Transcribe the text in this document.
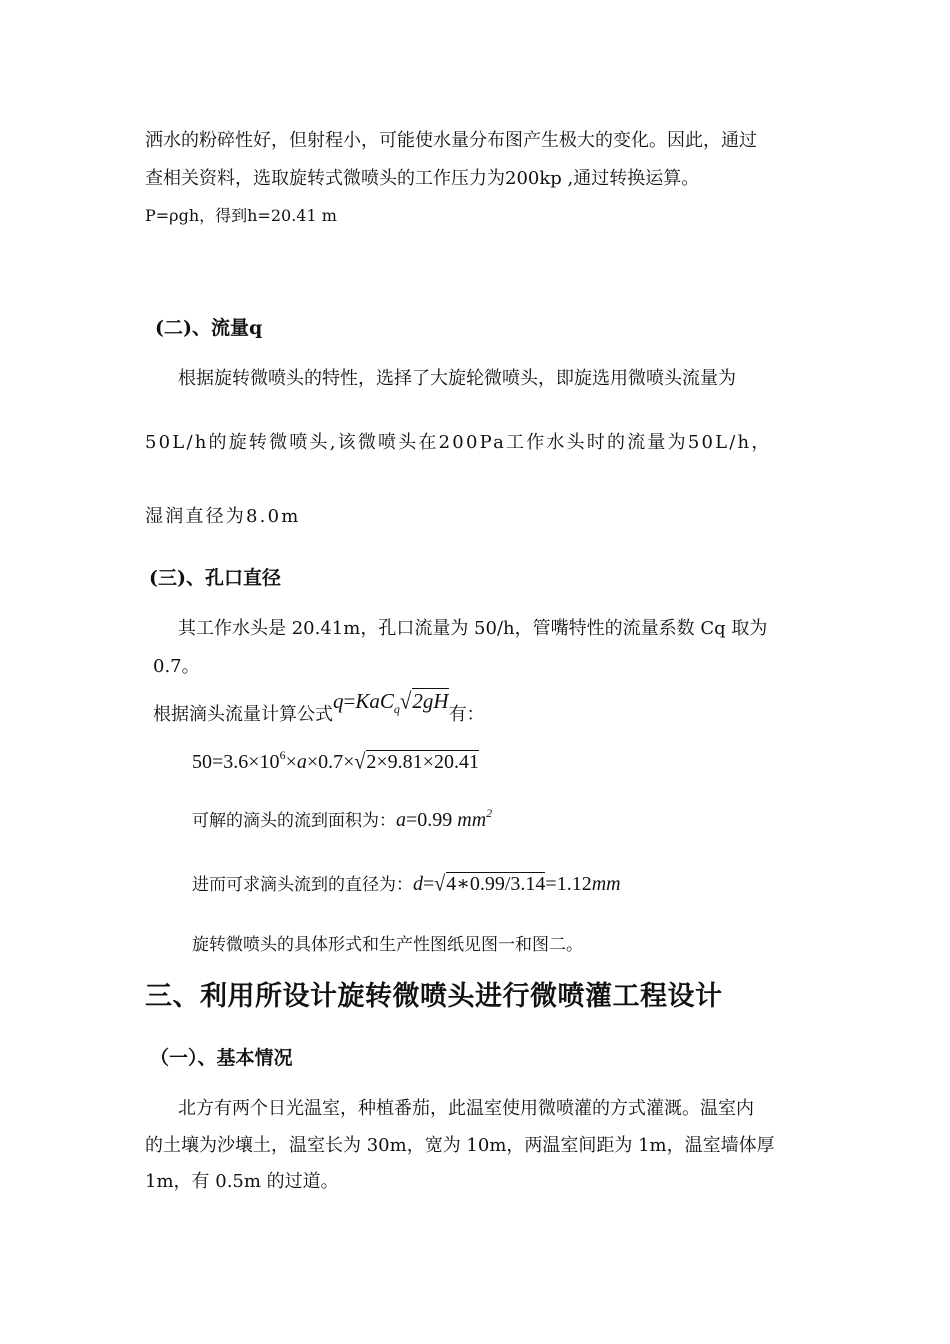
洒水的粉碎性好，但射程小，可能使水量分布图产生极大的变化。因此，通过
查相关资料，选取旋转式微喷头的工作压力为200kp ,通过转换运算。
P=ρgh，得到h=20.41 m
(二)、流量q
根据旋转微喷头的特性，选择了大旋轮微喷头，即旋选用微喷头流量为
50L/h的旋转微喷头,该微喷头在200Pa工作水头时的流量为50L/h，
湿润直径为8.0m
(三)、孔口直径
其工作水头是 20.41m，孔口流量为 50/h，管嘴特性的流量系数 Cq 取为
0.7。
根据滴头流量计算公式q=KaC$_q$√2gH有：
$50=3.6\times 10^6\times a\times 0.7\times√2\times 9.81\times 20.41$
可解的滴头的流到面积为：a=0.99 $mm^2$
进而可求滴头流到的直径为：d=√4∗0.99/3.14=1.12mm
旋转微喷头的具体形式和生产性图纸见图一和图二。
三、利用所设计旋转微喷头进行微喷灌工程设计
（一）、基本情况
北方有两个日光温室，种植番茄，此温室使用微喷灌的方式灌溉。温室内
的土壤为沙壤土，温室长为 30m，宽为 10m，两温室间距为 1m，温室墙体厚
1m，有 0.5m 的过道。
